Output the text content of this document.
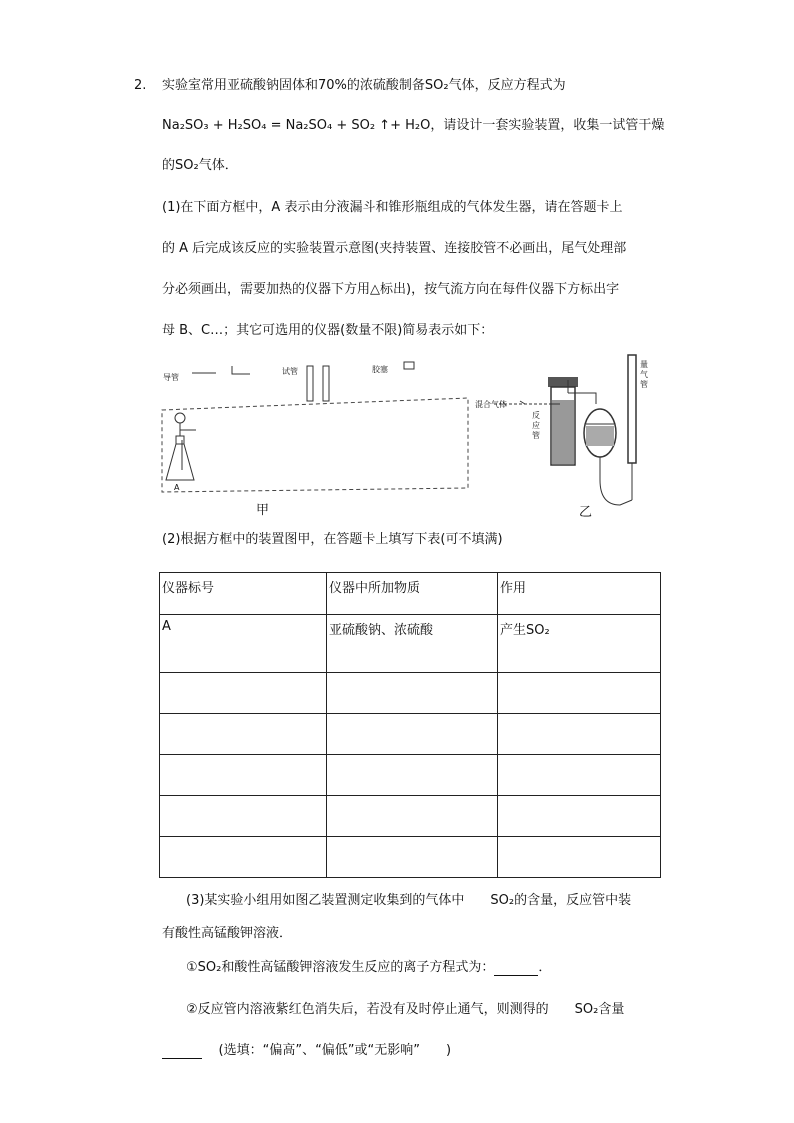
2. 实验室常用亚硫酸钠固体和70%的浓硫酸制备SO₂气体，反应方程式为
Na₂SO₃ + H₂SO₄ = Na₂SO₄ + SO₂ ↑+ H₂O，请设计一套实验装置，收集一试管干燥
的SO₂气体．
(1)在下面方框中，A 表示由分液漏斗和锥形瓶组成的气体发生器，请在答题卡上
的 A 后完成该反应的实验装置示意图(夹持装置、连接胶管不必画出，尾气处理部
分必须画出，需要加热的仪器下方用△标出)，按气流方向在每件仪器下方标出字
母 B、C…；其它可选用的仪器(数量不限)简易表示如下：
导管
试管	胶塞
A
混合气体
反应管
量气管
甲	乙
(2)根据方框中的装置图甲，在答题卡上填写下表(可不填满)
仪器标号	仪器中所加物质	作用
A	亚硫酸钠、浓硫酸	产生SO₂

(3)某实验小组用如图乙装置测定收集到的气体中　　SO₂的含量，反应管中装
有酸性高锰酸钾溶液．
①SO₂和酸性高锰酸钾溶液发生反应的离子方程式为：	．
②反应管内溶液紫红色消失后，若没有及时停止通气，则测得的　　SO₂含量
(选填：“偏高”、“偏低”或“无影响”　　)
